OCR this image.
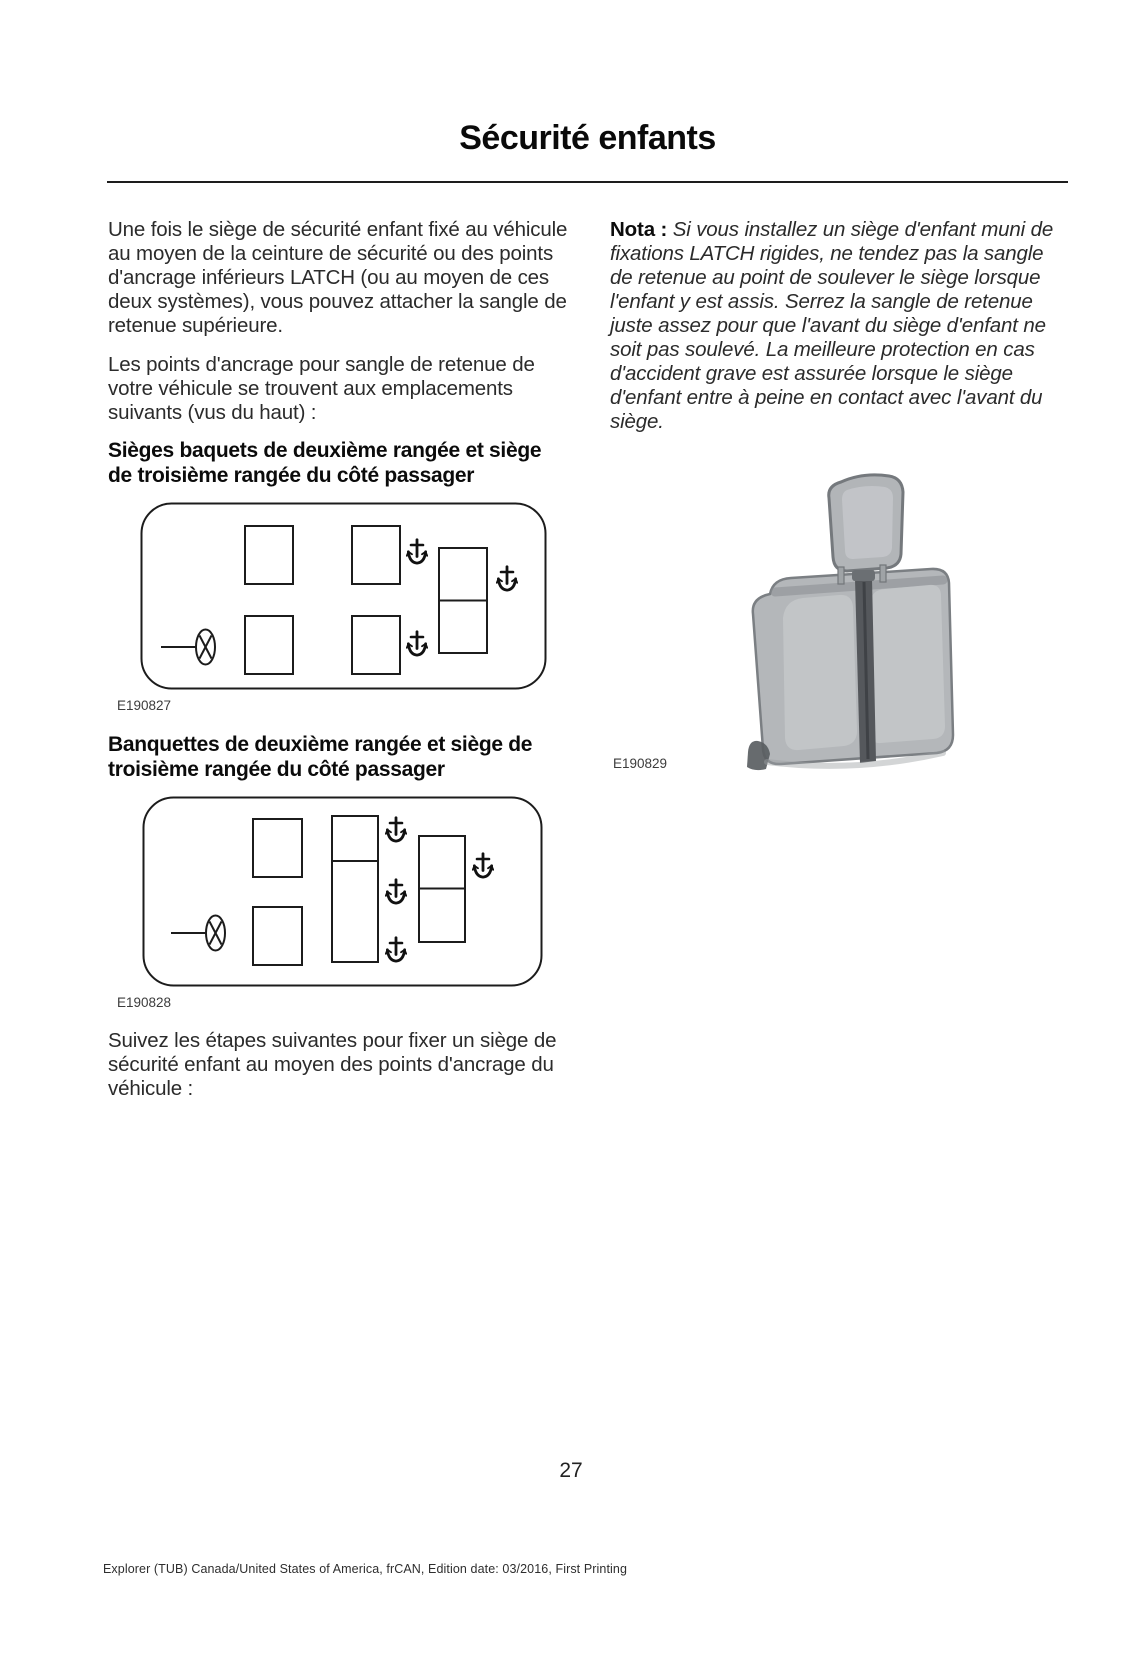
Sécurité enfants

Une fois le siège de sécurité enfant fixé au véhicule au moyen de la ceinture de sécurité ou des points d'ancrage inférieurs LATCH (ou au moyen de ces deux systèmes), vous pouvez attacher la sangle de retenue supérieure.

Les points d'ancrage pour sangle de retenue de votre véhicule se trouvent aux emplacements suivants (vus du haut) :

Sièges baquets de deuxième rangée et siège de troisième rangée du côté passager
E190827
Banquettes de deuxième rangée et siège de troisième rangée du côté passager
E190828

Suivez les étapes suivantes pour fixer un siège de sécurité enfant au moyen des points d'ancrage du véhicule :

Nota : Si vous installez un siège d'enfant muni de fixations LATCH rigides, ne tendez pas la sangle de retenue au point de soulever le siège lorsque l'enfant y est assis. Serrez la sangle de retenue juste assez pour que l'avant du siège d'enfant ne soit pas soulevé. La meilleure protection en cas d'accident grave est assurée lorsque le siège d'enfant entre à peine en contact avec l'avant du siège.

E190829
27
Explorer (TUB) Canada/United States of America, frCAN, Edition date: 03/2016, First Printing
